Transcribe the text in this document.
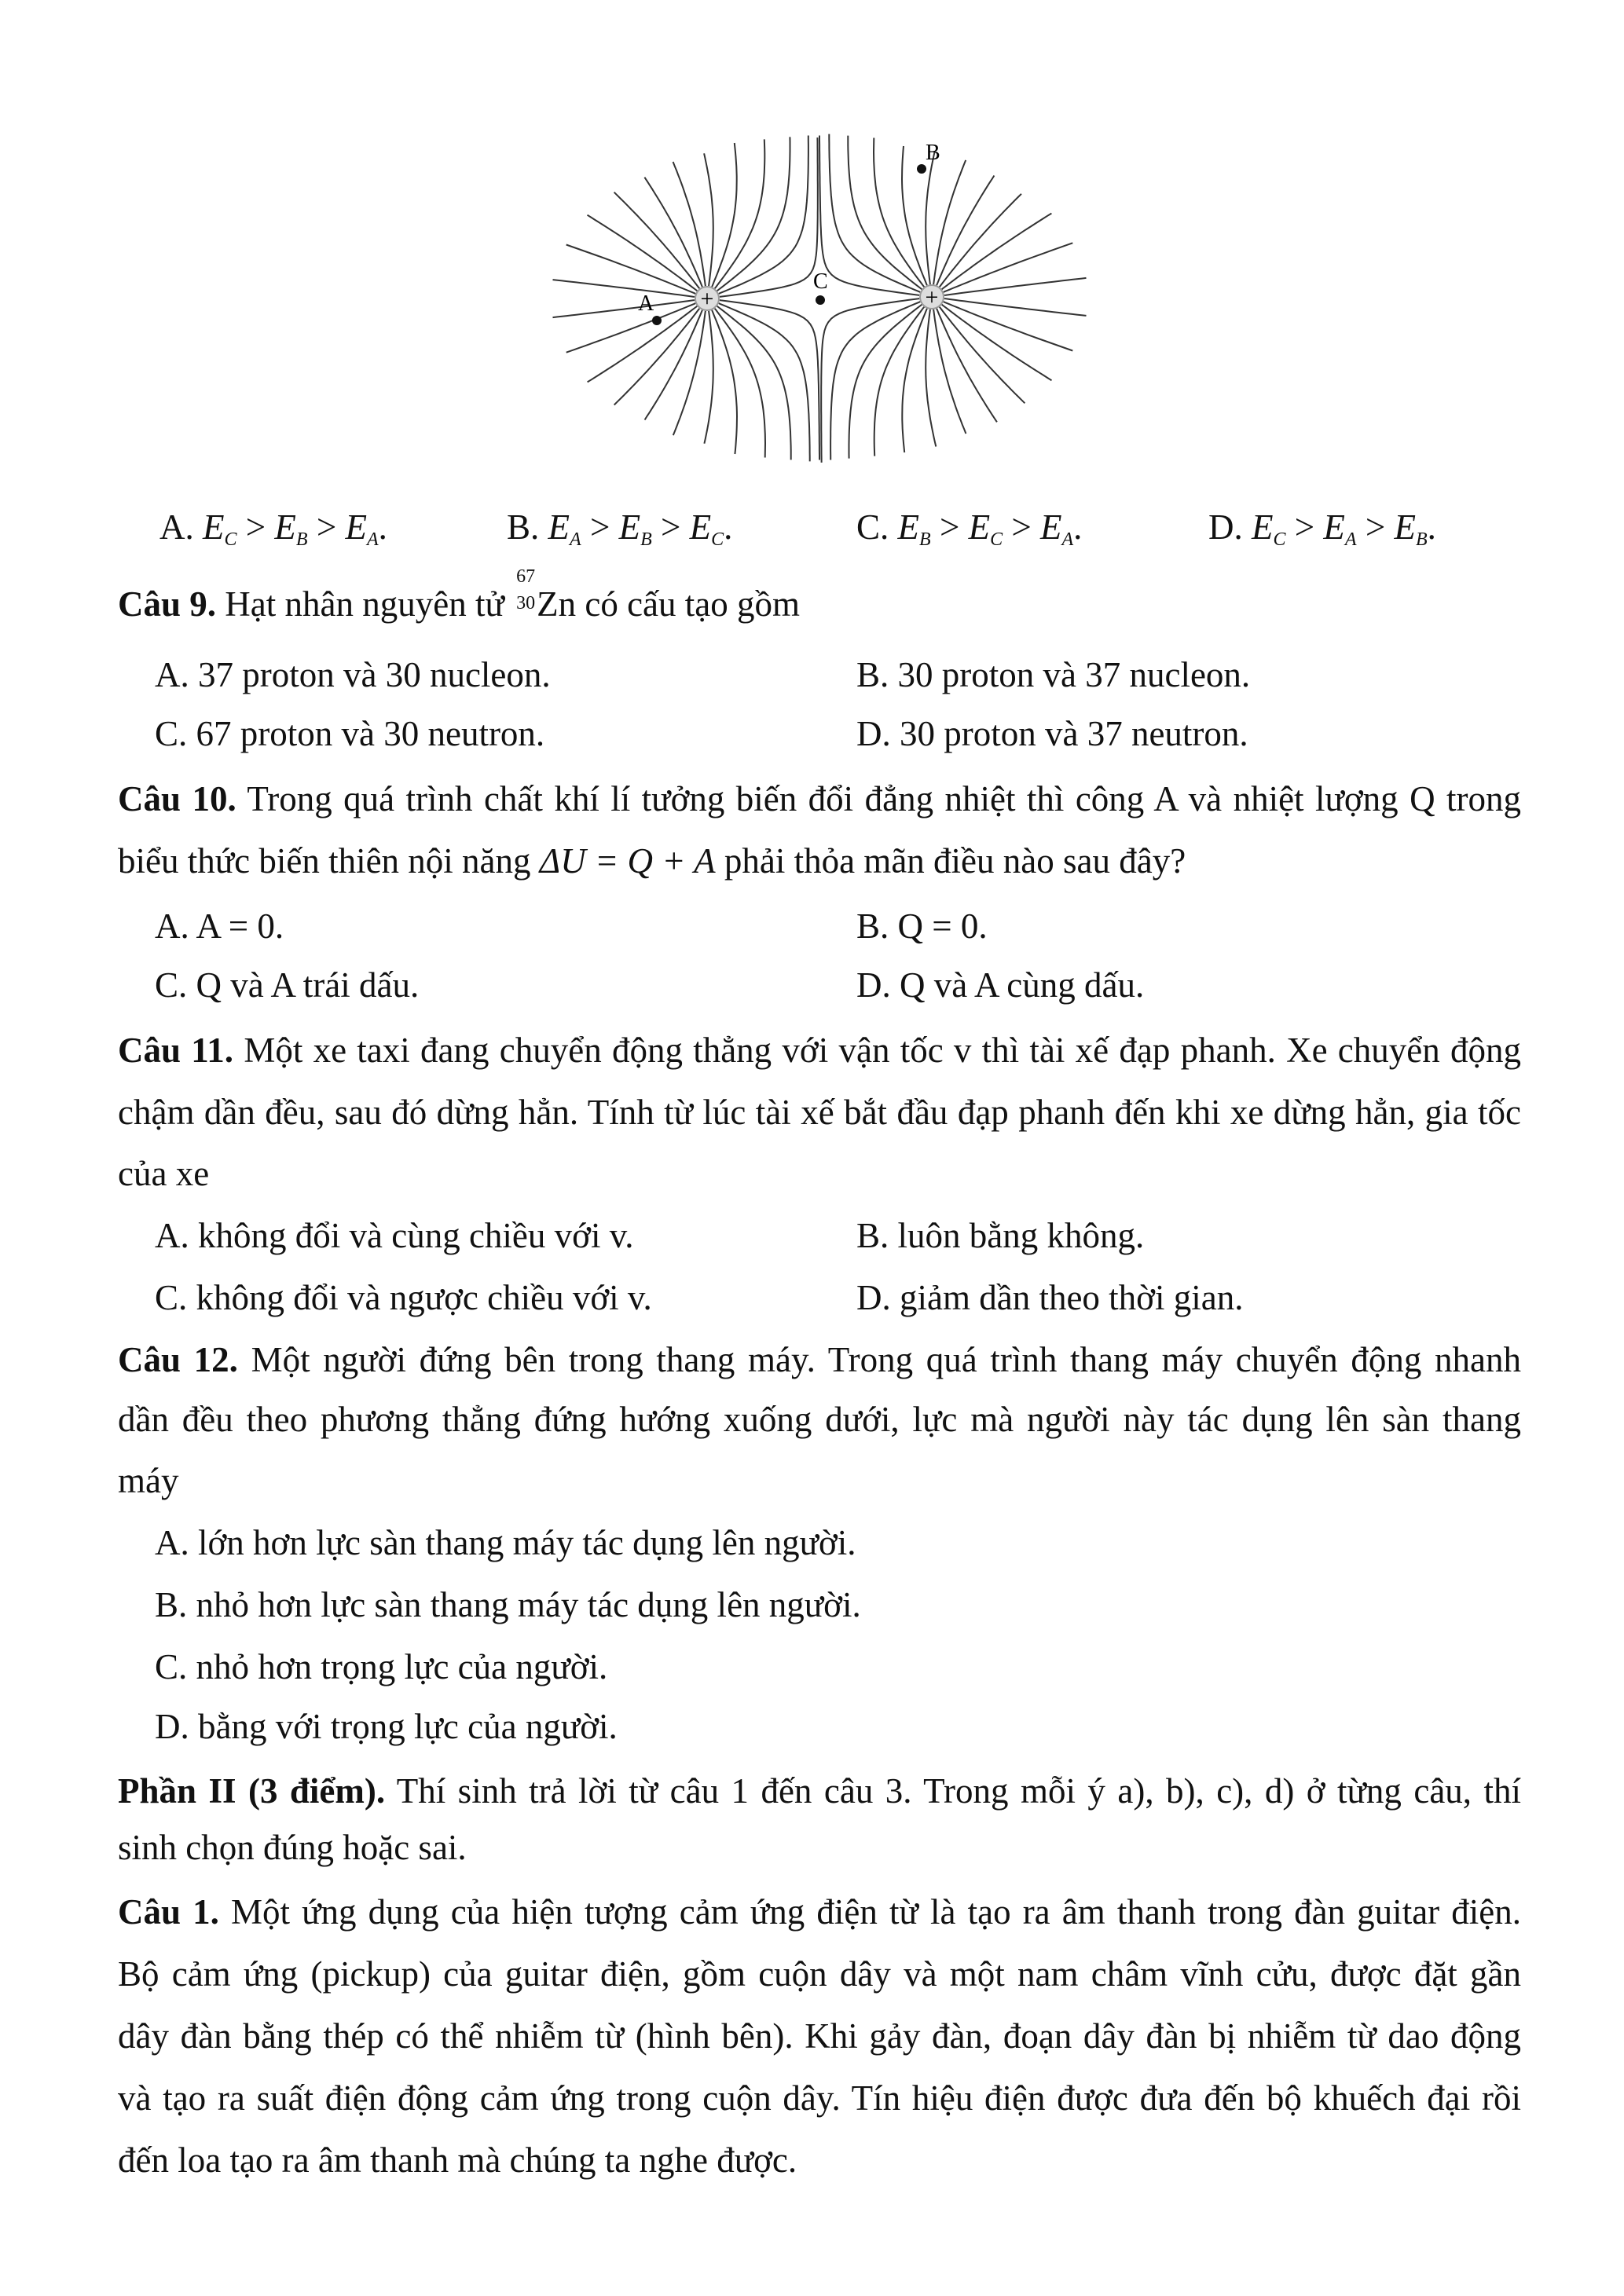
+	+
A
B
C
A. $E_C > E_B > E_A$.	B. $E_A > E_B > E_C$.	C. $E_B > E_C > E_A$.	D. $E_C > E_A > E_B$.
Câu 9. Hạt nhân nguyên tử
67
30 Zn có cấu tạo gồm
A. 37 proton và 30 nucleon.	B. 30 proton và 37 nucleon.
C. 67 proton và 30 neutron.	D. 30 proton và 37 neutron.
Câu 10. Trong quá trình chất khí lí tưởng biến đổi đẳng nhiệt thì công A và nhiệt lượng Q trong
biểu thức biến thiên nội năng ΔU = Q + A phải thỏa mãn điều nào sau đây?
A. A = 0.	B. Q = 0.
C. Q và A trái dấu.	D. Q và A cùng dấu.
Câu 11. Một xe taxi đang chuyển động thẳng với vận tốc v thì tài xế đạp phanh. Xe chuyển động
chậm dần đều, sau đó dừng hẳn. Tính từ lúc tài xế bắt đầu đạp phanh đến khi xe dừng hẳn, gia tốc
của xe
A. không đổi và cùng chiều với v.	B. luôn bằng không.
C. không đổi và ngược chiều với v.	D. giảm dần theo thời gian.
Câu 12. Một người đứng bên trong thang máy. Trong quá trình thang máy chuyển động nhanh
dần đều theo phương thẳng đứng hướng xuống dưới, lực mà người này tác dụng lên sàn thang
máy
A. lớn hơn lực sàn thang máy tác dụng lên người.
B. nhỏ hơn lực sàn thang máy tác dụng lên người.
C. nhỏ hơn trọng lực của người.
D. bằng với trọng lực của người.
Phần II (3 điểm). Thí sinh trả lời từ câu 1 đến câu 3. Trong mỗi ý a), b), c), d) ở từng câu, thí
sinh chọn đúng hoặc sai.
Câu 1. Một ứng dụng của hiện tượng cảm ứng điện từ là tạo ra âm thanh trong đàn guitar điện.
Bộ cảm ứng (pickup) của guitar điện, gồm cuộn dây và một nam châm vĩnh cửu, được đặt gần
dây đàn bằng thép có thể nhiễm từ (hình bên). Khi gảy đàn, đoạn dây đàn bị nhiễm từ dao động
và tạo ra suất điện động cảm ứng trong cuộn dây. Tín hiệu điện được đưa đến bộ khuếch đại rồi
đến loa tạo ra âm thanh mà chúng ta nghe được.
